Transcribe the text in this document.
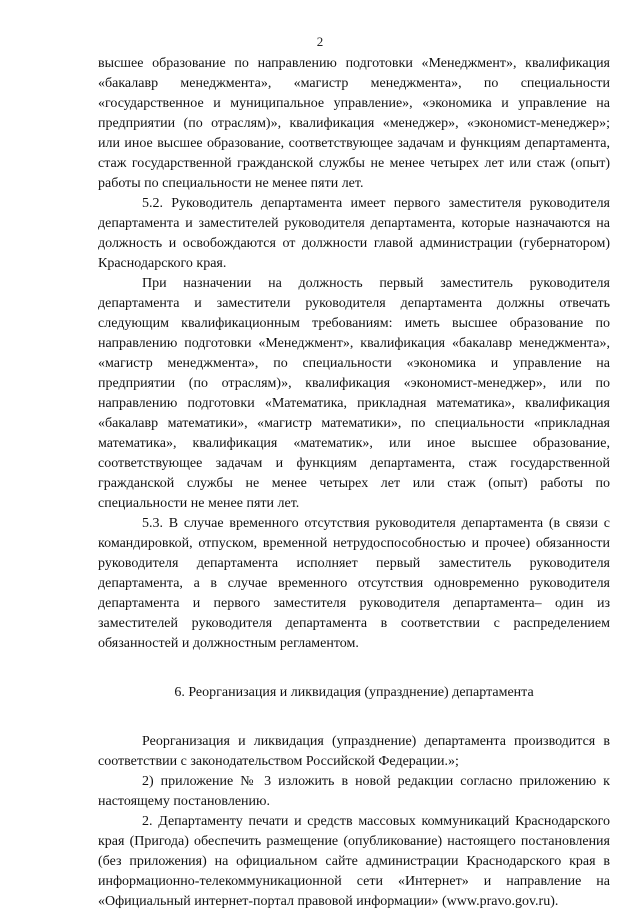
2

высшее образование по направлению подготовки «Менеджмент», квалификация «бакалавр менеджмента», «магистр менеджмента», по специальности «государственное и муниципальное управление», «экономика и управление на предприятии (по отраслям)», квалификация «менеджер», «экономист-менеджер»; или иное высшее образование, соответствующее задачам и функциям департамента, стаж государственной гражданской службы не менее четырех лет или стаж (опыт) работы по специальности не менее пяти лет.

5.2. Руководитель департамента имеет первого заместителя руководителя департамента и заместителей руководителя департамента, которые назначаются на должность и освобождаются от должности главой администрации (губернатором) Краснодарского края.

При назначении на должность первый заместитель руководителя департамента и заместители руководителя департамента должны отвечать следующим квалификационным требованиям: иметь высшее образование по направлению подготовки «Менеджмент», квалификация «бакалавр менеджмента», «магистр менеджмента», по специальности «экономика и управление на предприятии (по отраслям)», квалификация «экономист-менеджер», или по направлению подготовки «Математика, прикладная математика», квалификация «бакалавр математики», «магистр математики», по специальности «прикладная математика», квалификация «математик», или иное высшее образование, соответствующее задачам и функциям департамента, стаж государственной гражданской службы не менее четырех лет или стаж (опыт) работы по специальности не менее пяти лет.

5.3. В случае временного отсутствия руководителя департамента (в связи с командировкой, отпуском, временной нетрудоспособностью и прочее) обязанности руководителя департамента исполняет первый заместитель руководителя департамента, а в случае временного отсутствия одновременно руководителя департамента и первого заместителя руководителя департамента– один из заместителей руководителя департамента в соответствии с распределением обязанностей и должностным регламентом.

6. Реорганизация и ликвидация (упразднение) департамента

Реорганизация и ликвидация (упразднение) департамента производится в соответствии с законодательством Российской Федерации.»;

2) приложение № 3 изложить в новой редакции согласно приложению к настоящему постановлению.

2. Департаменту печати и средств массовых коммуникаций Краснодарского края (Пригода) обеспечить размещение (опубликование) настоящего постановления (без приложения) на официальном сайте администрации Краснодарского края в информационно-телекоммуникационной сети «Интернет» и направление на «Официальный интернет-портал правовой информации» (www.pravo.gov.ru).
